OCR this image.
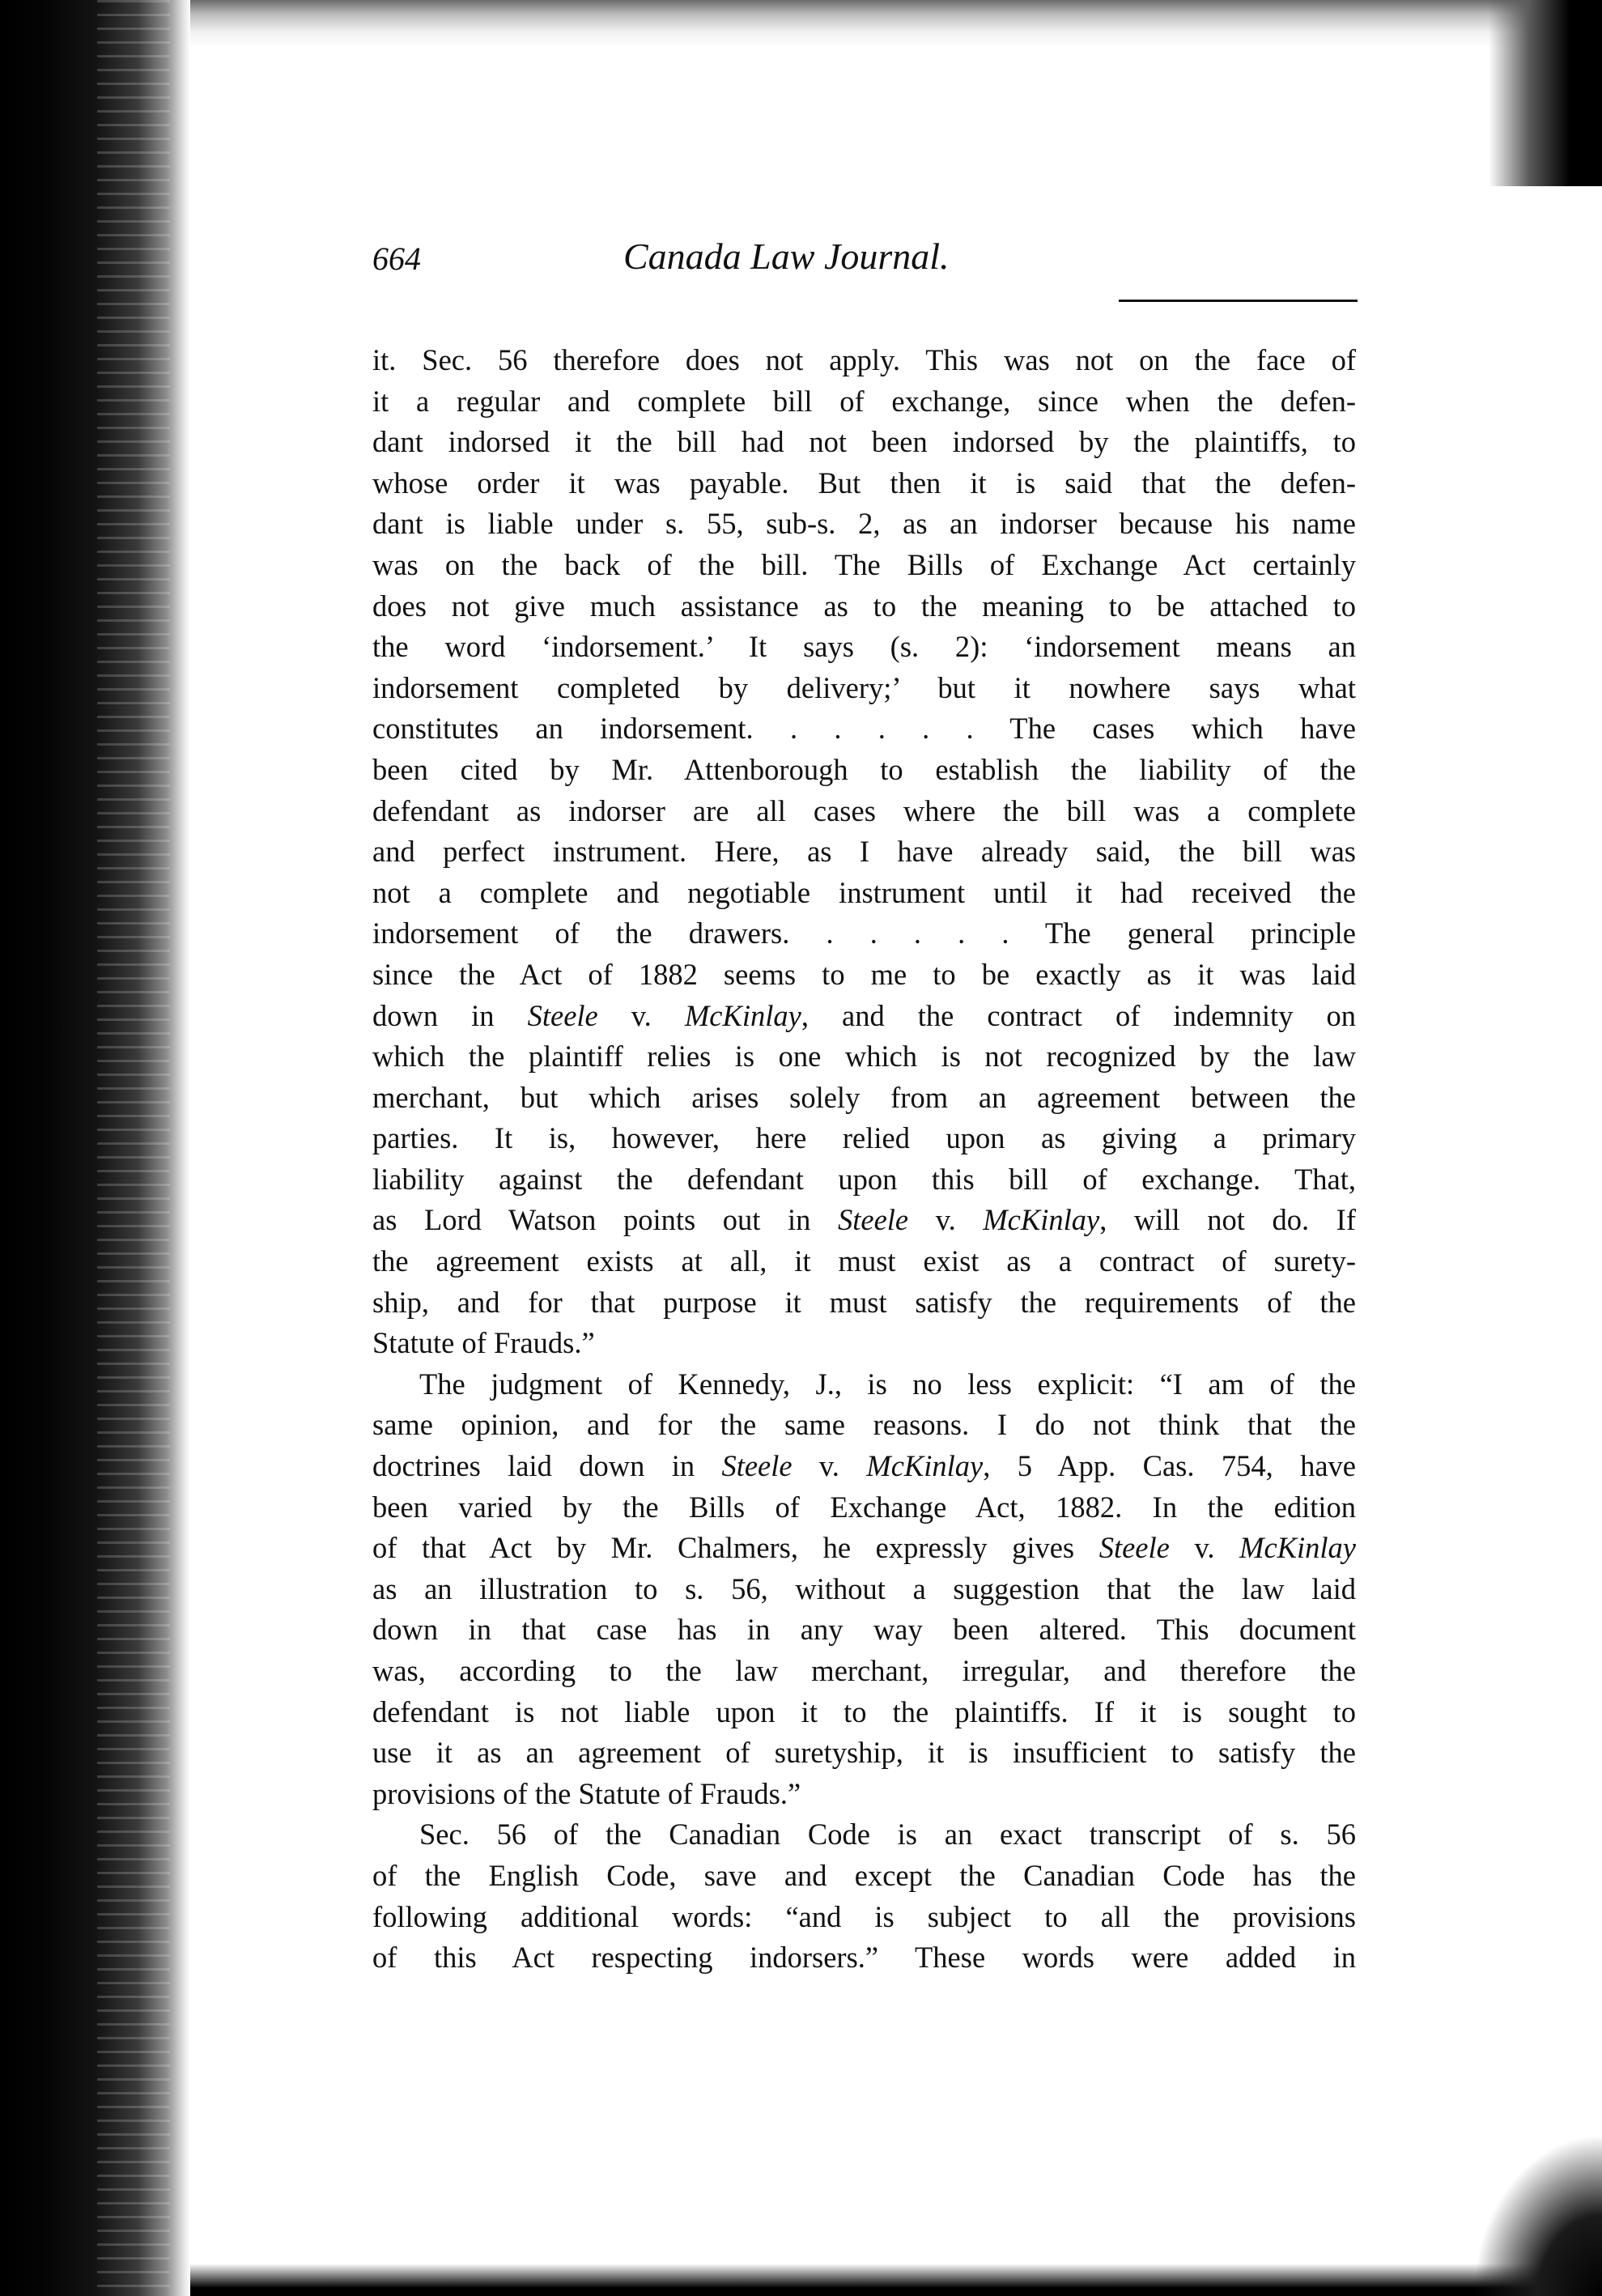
664	Canada Law Journal.
it. Sec. 56 therefore does not apply. This was not on the face of
it a regular and complete bill of exchange, since when the defen-
dant indorsed it the bill had not been indorsed by the plaintiffs, to
whose order it was payable. But then it is said that the defen-
dant is liable under s. 55, sub-s. 2, as an indorser because his name
was on the back of the bill. The Bills of Exchange Act certainly
does not give much assistance as to the meaning to be attached to
the word ‘indorsement.’ It says (s. 2): ‘indorsement means an
indorsement completed by delivery;’ but it nowhere says what
constitutes an indorsement. . . . . . The cases which have
been cited by Mr. Attenborough to establish the liability of the
defendant as indorser are all cases where the bill was a complete
and perfect instrument. Here, as I have already said, the bill was
not a complete and negotiable instrument until it had received the
indorsement of the drawers. . . . . . The general principle
since the Act of 1882 seems to me to be exactly as it was laid
down in Steele v. McKinlay, and the contract of indemnity on
which the plaintiff relies is one which is not recognized by the law
merchant, but which arises solely from an agreement between the
parties. It is, however, here relied upon as giving a primary
liability against the defendant upon this bill of exchange. That,
as Lord Watson points out in Steele v. McKinlay, will not do. If
the agreement exists at all, it must exist as a contract of surety-
ship, and for that purpose it must satisfy the requirements of the
Statute of Frauds.”
The judgment of Kennedy, J., is no less explicit: “I am of the
same opinion, and for the same reasons. I do not think that the
doctrines laid down in Steele v. McKinlay, 5 App. Cas. 754, have
been varied by the Bills of Exchange Act, 1882. In the edition
of that Act by Mr. Chalmers, he expressly gives Steele v. McKinlay
as an illustration to s. 56, without a suggestion that the law laid
down in that case has in any way been altered. This document
was, according to the law merchant, irregular, and therefore the
defendant is not liable upon it to the plaintiffs. If it is sought to
use it as an agreement of suretyship, it is insufficient to satisfy the
provisions of the Statute of Frauds.”
Sec. 56 of the Canadian Code is an exact transcript of s. 56
of the English Code, save and except the Canadian Code has the
following additional words: “and is subject to all the provisions
of this Act respecting indorsers.” These words were added in
